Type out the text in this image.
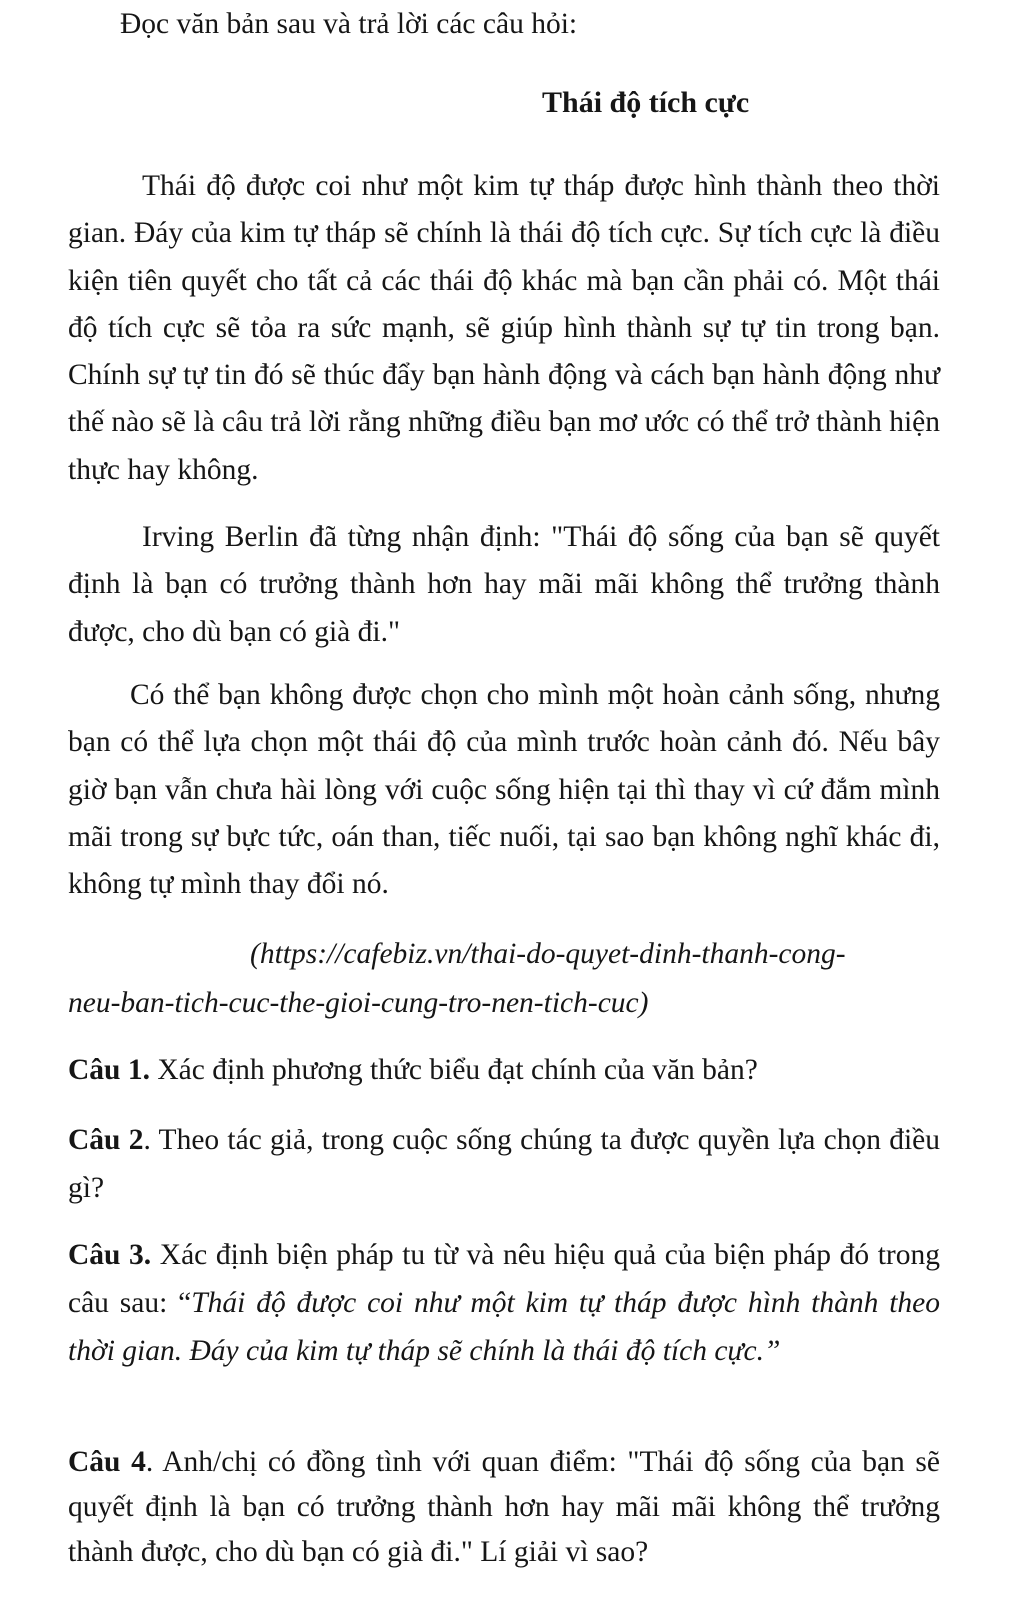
Đọc văn bản sau và trả lời các câu hỏi:

Thái độ tích cực

Thái độ được coi như một kim tự tháp được hình thành theo thời gian. Đáy của kim tự tháp sẽ chính là thái độ tích cực. Sự tích cực là điều kiện tiên quyết cho tất cả các thái độ khác mà bạn cần phải có. Một thái độ tích cực sẽ tỏa ra sức mạnh, sẽ giúp hình thành sự tự tin trong bạn. Chính sự tự tin đó sẽ thúc đẩy bạn hành động và cách bạn hành động như thế nào sẽ là câu trả lời rằng những điều bạn mơ ước có thể trở thành hiện thực hay không.

Irving Berlin đã từng nhận định: "Thái độ sống của bạn sẽ quyết định là bạn có trưởng thành hơn hay mãi mãi không thể trưởng thành được, cho dù bạn có già đi."

Có thể bạn không được chọn cho mình một hoàn cảnh sống, nhưng bạn có thể lựa chọn một thái độ của mình trước hoàn cảnh đó. Nếu bây giờ bạn vẫn chưa hài lòng với cuộc sống hiện tại thì thay vì cứ đắm mình mãi trong sự bực tức, oán than, tiếc nuối, tại sao bạn không nghĩ khác đi, không tự mình thay đổi nó.

(https://cafebiz.vn/thai-do-quyet-dinh-thanh-cong-
neu-ban-tich-cuc-the-gioi-cung-tro-nen-tich-cuc)

Câu 1. Xác định phương thức biểu đạt chính của văn bản?

Câu 2. Theo tác giả, trong cuộc sống chúng ta được quyền lựa chọn điều gì?

Câu 3. Xác định biện pháp tu từ và nêu hiệu quả của biện pháp đó trong câu sau: “Thái độ được coi như một kim tự tháp được hình thành theo thời gian. Đáy của kim tự tháp sẽ chính là thái độ tích cực.”

Câu 4. Anh/chị có đồng tình với quan điểm: "Thái độ sống của bạn sẽ quyết định là bạn có trưởng thành hơn hay mãi mãi không thể trưởng thành được, cho dù bạn có già đi." Lí giải vì sao?
